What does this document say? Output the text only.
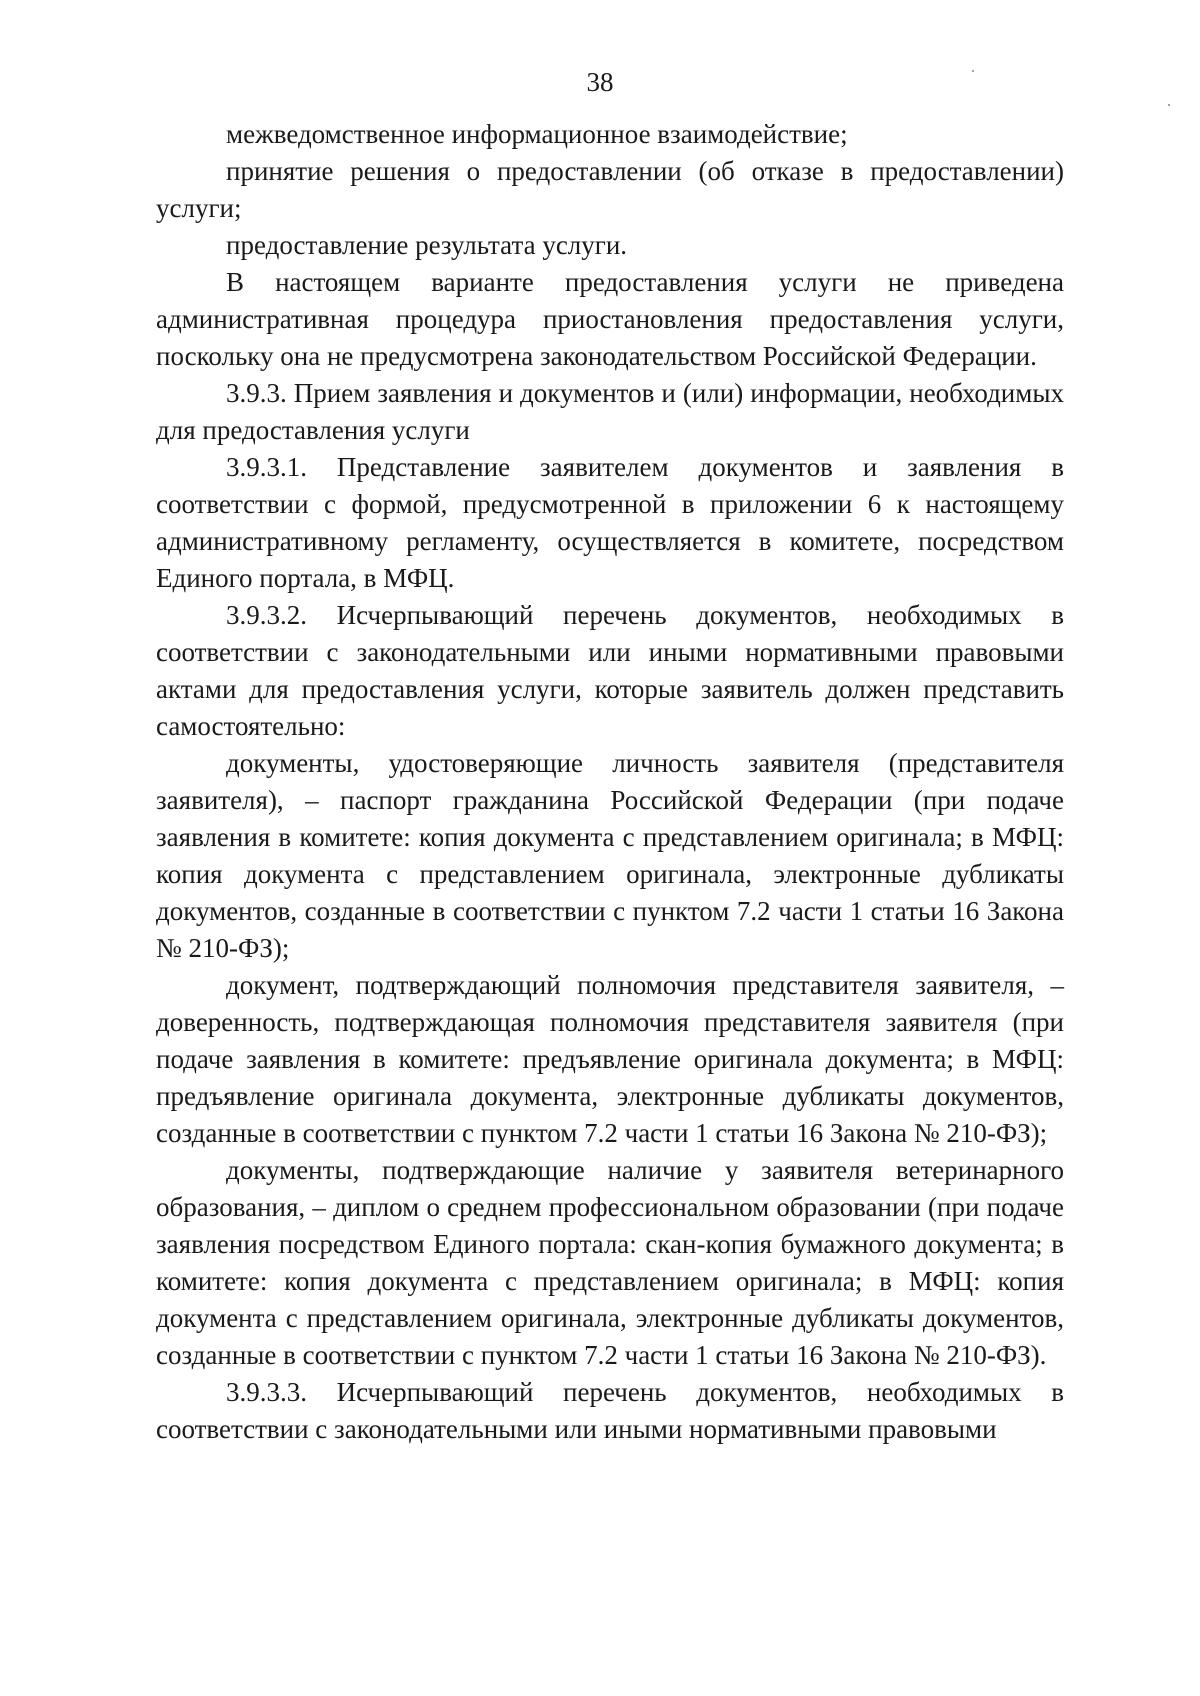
38

межведомственное информационное взаимодействие;

принятие решения о предоставлении (об отказе в предоставлении) услуги;

предоставление результата услуги.

В настоящем варианте предоставления услуги не приведена административная процедура приостановления предоставления услуги, поскольку она не предусмотрена законодательством Российской Федерации.

3.9.3. Прием заявления и документов и (или) информации, необходимых для предоставления услуги

3.9.3.1. Представление заявителем документов и заявления в соответствии с формой, предусмотренной в приложении 6 к настоящему административному регламенту, осуществляется в комитете, посредством Единого портала, в МФЦ.

3.9.3.2. Исчерпывающий перечень документов, необходимых в соответствии с законодательными или иными нормативными правовыми актами для предоставления услуги, которые заявитель должен представить самостоятельно:

документы, удостоверяющие личность заявителя (представителя заявителя), – паспорт гражданина Российской Федерации (при подаче заявления в комитете: копия документа с представлением оригинала; в МФЦ: копия документа с представлением оригинала, электронные дубликаты документов, созданные в соответствии с пунктом 7.2 части 1 статьи 16 Закона № 210-ФЗ);

документ, подтверждающий полномочия представителя заявителя, – доверенность, подтверждающая полномочия представителя заявителя (при подаче заявления в комитете: предъявление оригинала документа; в МФЦ: предъявление оригинала документа, электронные дубликаты документов, созданные в соответствии с пунктом 7.2 части 1 статьи 16 Закона № 210-ФЗ);

документы, подтверждающие наличие у заявителя ветеринарного образования, – диплом о среднем профессиональном образовании (при подаче заявления посредством Единого портала: скан-копия бумажного документа; в комитете: копия документа с представлением оригинала; в МФЦ: копия документа с представлением оригинала, электронные дубликаты документов, созданные в соответствии с пунктом 7.2 части 1 статьи 16 Закона № 210-ФЗ).

3.9.3.3. Исчерпывающий перечень документов, необходимых в соответствии с законодательными или иными нормативными правовыми
